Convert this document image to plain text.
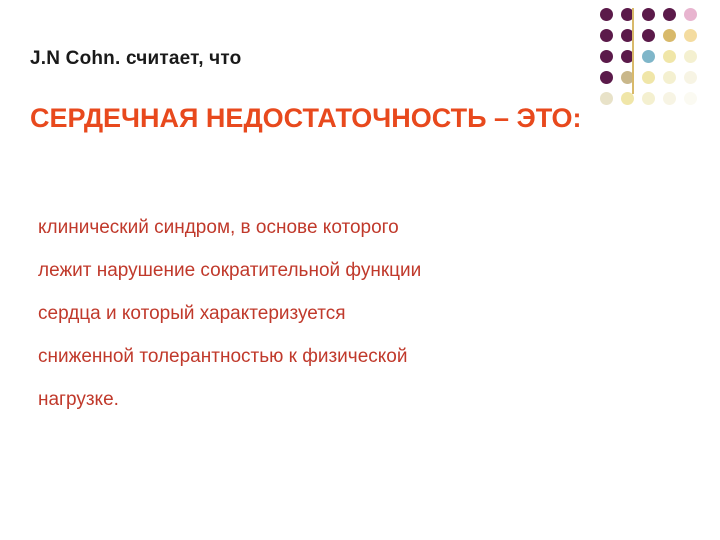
J.N Cohn. считает, что
СЕРДЕЧНАЯ НЕДОСТАТОЧНОСТЬ – ЭТО:
клинический синдром, в основе которого
лежит нарушение сократительной функции
сердца и который характеризуется
сниженной толерантностью к физической
нагрузке.
